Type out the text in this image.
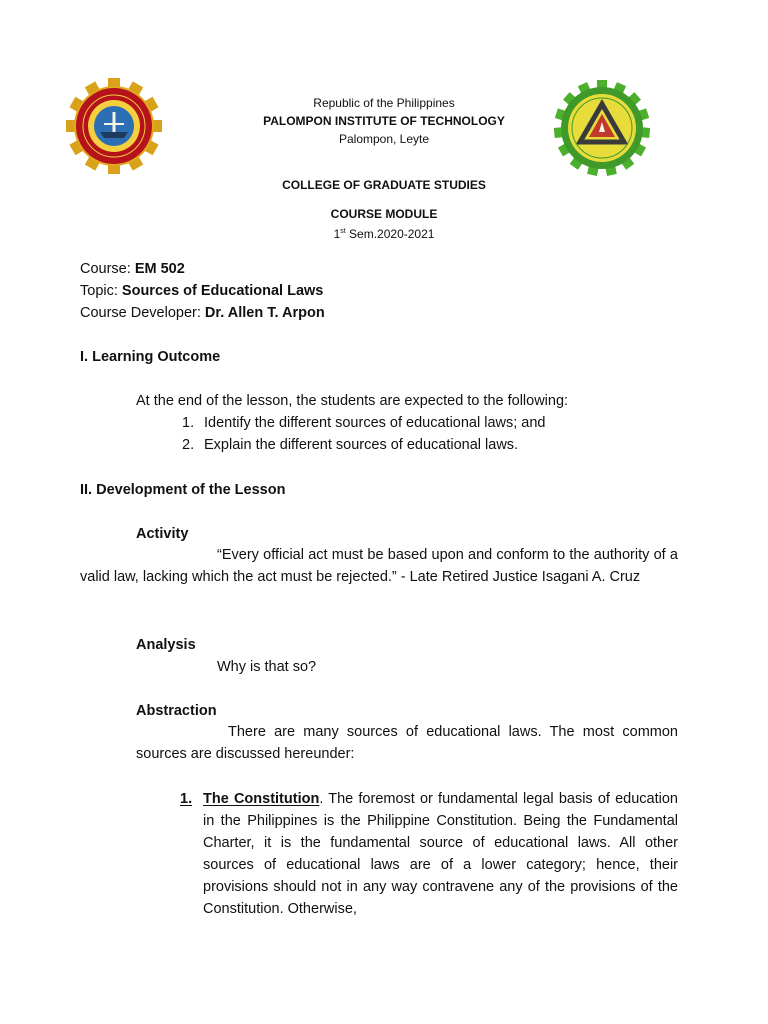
Republic of the Philippines
PALOMPON INSTITUTE OF TECHNOLOGY
Palompon, Leyte
COLLEGE OF GRADUATE STUDIES
COURSE MODULE
1st Sem.2020-2021
Course: EM 502
Topic: Sources of Educational Laws
Course Developer: Dr. Allen T. Arpon
I. Learning Outcome
At the end of the lesson, the students are expected to the following:
1. Identify the different sources of educational laws; and
2. Explain the different sources of educational laws.
II. Development of the Lesson
Activity
“Every official act must be based upon and conform to the authority of a valid law, lacking which the act must be rejected.” - Late Retired Justice Isagani A. Cruz
Analysis
Why is that so?
Abstraction
There are many sources of educational laws. The most common sources are discussed hereunder:
1. The Constitution. The foremost or fundamental legal basis of education in the Philippines is the Philippine Constitution. Being the Fundamental Charter, it is the fundamental source of educational laws. All other sources of educational laws are of a lower category; hence, their provisions should not in any way contravene any of the provisions of the Constitution. Otherwise,
